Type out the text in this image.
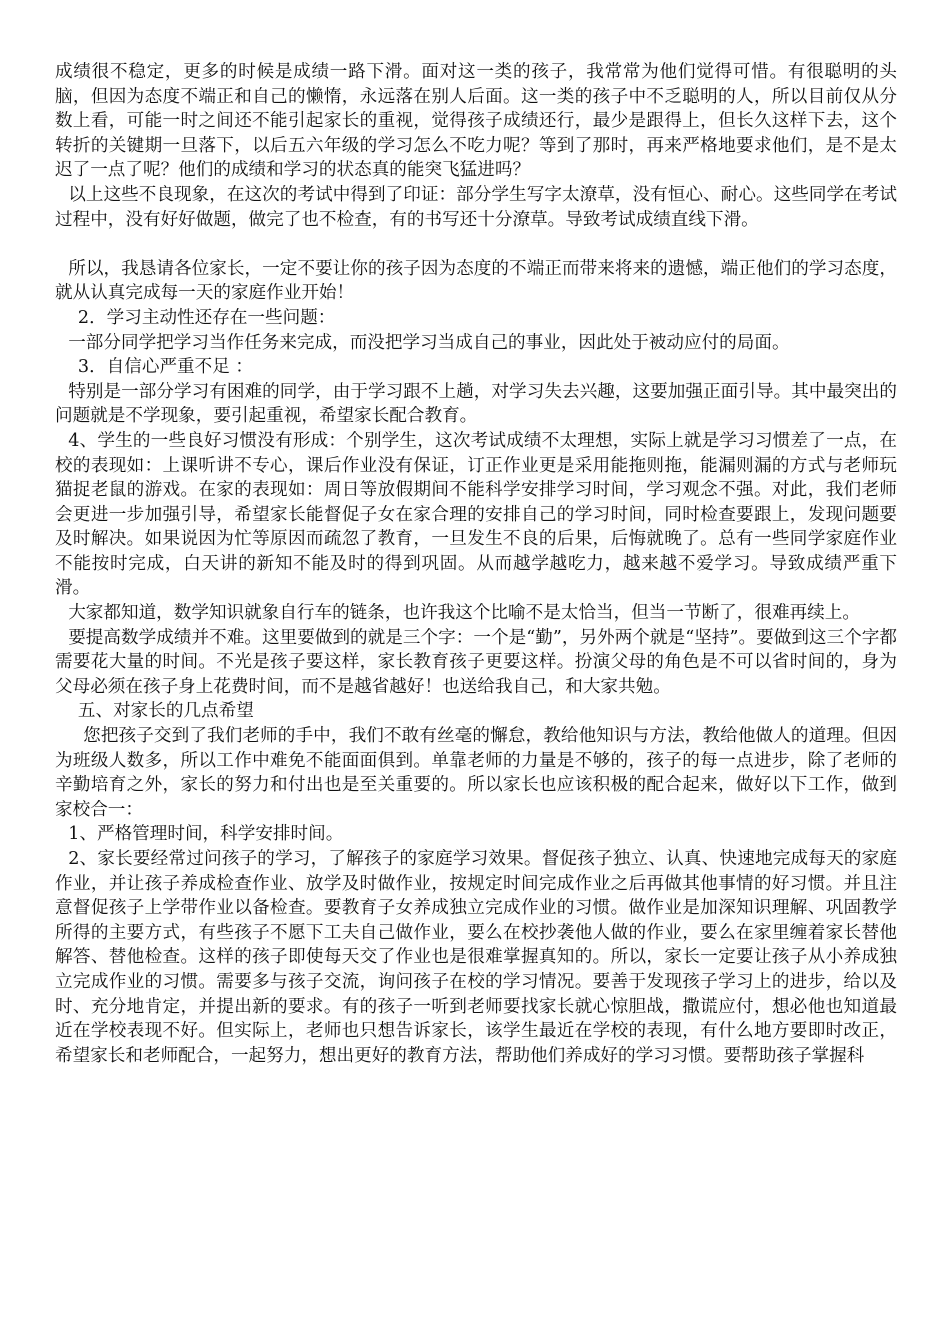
成绩很不稳定，更多的时候是成绩一路下滑。面对这一类的孩子，我常常为他们觉得可惜。有很聪明的头脑，但因为态度不端正和自己的懒惰，永远落在别人后面。这一类的孩子中不乏聪明的人，所以目前仅从分数上看，可能一时之间还不能引起家长的重视，觉得孩子成绩还行，最少是跟得上，但长久这样下去，这个转折的关键期一旦落下，以后五六年级的学习怎么不吃力呢？等到了那时，再来严格地要求他们，是不是太迟了一点了呢？他们的成绩和学习的状态真的能突飞猛进吗？

以上这些不良现象，在这次的考试中得到了印证：部分学生写字太潦草，没有恒心、耐心。这些同学在考试过程中，没有好好做题，做完了也不检查，有的书写还十分潦草。导致考试成绩直线下滑。

所以，我恳请各位家长，一定不要让你的孩子因为态度的不端正而带来将来的遗憾，端正他们的学习态度，就从认真完成每一天的家庭作业开始！

2．学习主动性还存在一些问题：

一部分同学把学习当作任务来完成，而没把学习当成自己的事业，因此处于被动应付的局面。

3．自信心严重不足 ：

特别是一部分学习有困难的同学，由于学习跟不上趟，对学习失去兴趣，这要加强正面引导。其中最突出的问题就是不学现象，要引起重视，希望家长配合教育。

4、学生的一些良好习惯没有形成：个别学生，这次考试成绩不太理想，实际上就是学习习惯差了一点，在校的表现如：上课听讲不专心，课后作业没有保证，订正作业更是采用能拖则拖，能漏则漏的方式与老师玩猫捉老鼠的游戏。在家的表现如：周日等放假期间不能科学安排学习时间，学习观念不强。对此，我们老师会更进一步加强引导，希望家长能督促子女在家合理的安排自己的学习时间，同时检查要跟上，发现问题要及时解决。如果说因为忙等原因而疏忽了教育，一旦发生不良的后果，后悔就晚了。总有一些同学家庭作业不能按时完成，白天讲的新知不能及时的得到巩固。从而越学越吃力，越来越不爱学习。导致成绩严重下滑。

大家都知道，数学知识就象自行车的链条，也许我这个比喻不是太恰当，但当一节断了，很难再续上。

要提高数学成绩并不难。这里要做到的就是三个字：一个是“勤”，另外两个就是“坚持”。要做到这三个字都需要花大量的时间。不光是孩子要这样，家长教育孩子更要这样。扮演父母的角色是不可以省时间的，身为父母必须在孩子身上花费时间，而不是越省越好！也送给我自己，和大家共勉。

五、对家长的几点希望

您把孩子交到了我们老师的手中，我们不敢有丝毫的懈怠，教给他知识与方法，教给他做人的道理。但因为班级人数多，所以工作中难免不能面面俱到。单靠老师的力量是不够的，孩子的每一点进步，除了老师的辛勤培育之外，家长的努力和付出也是至关重要的。所以家长也应该积极的配合起来，做好以下工作，做到家校合一：

1、严格管理时间，科学安排时间。

2、家长要经常过问孩子的学习，了解孩子的家庭学习效果。督促孩子独立、认真、快速地完成每天的家庭作业，并让孩子养成检查作业、放学及时做作业，按规定时间完成作业之后再做其他事情的好习惯。并且注意督促孩子上学带作业以备检查。要教育子女养成独立完成作业的习惯。做作业是加深知识理解、巩固教学所得的主要方式，有些孩子不愿下工夫自己做作业，要么在校抄袭他人做的作业，要么在家里缠着家长替他解答、替他检查。这样的孩子即使每天交了作业也是很难掌握真知的。所以，家长一定要让孩子从小养成独立完成作业的习惯。需要多与孩子交流，询问孩子在校的学习情况。要善于发现孩子学习上的进步，给以及时、充分地肯定，并提出新的要求。有的孩子一听到老师要找家长就心惊胆战，撒谎应付，想必他也知道最近在学校表现不好。但实际上，老师也只想告诉家长，该学生最近在学校的表现，有什么地方要即时改正，希望家长和老师配合，一起努力，想出更好的教育方法，帮助他们养成好的学习习惯。要帮助孩子掌握科
